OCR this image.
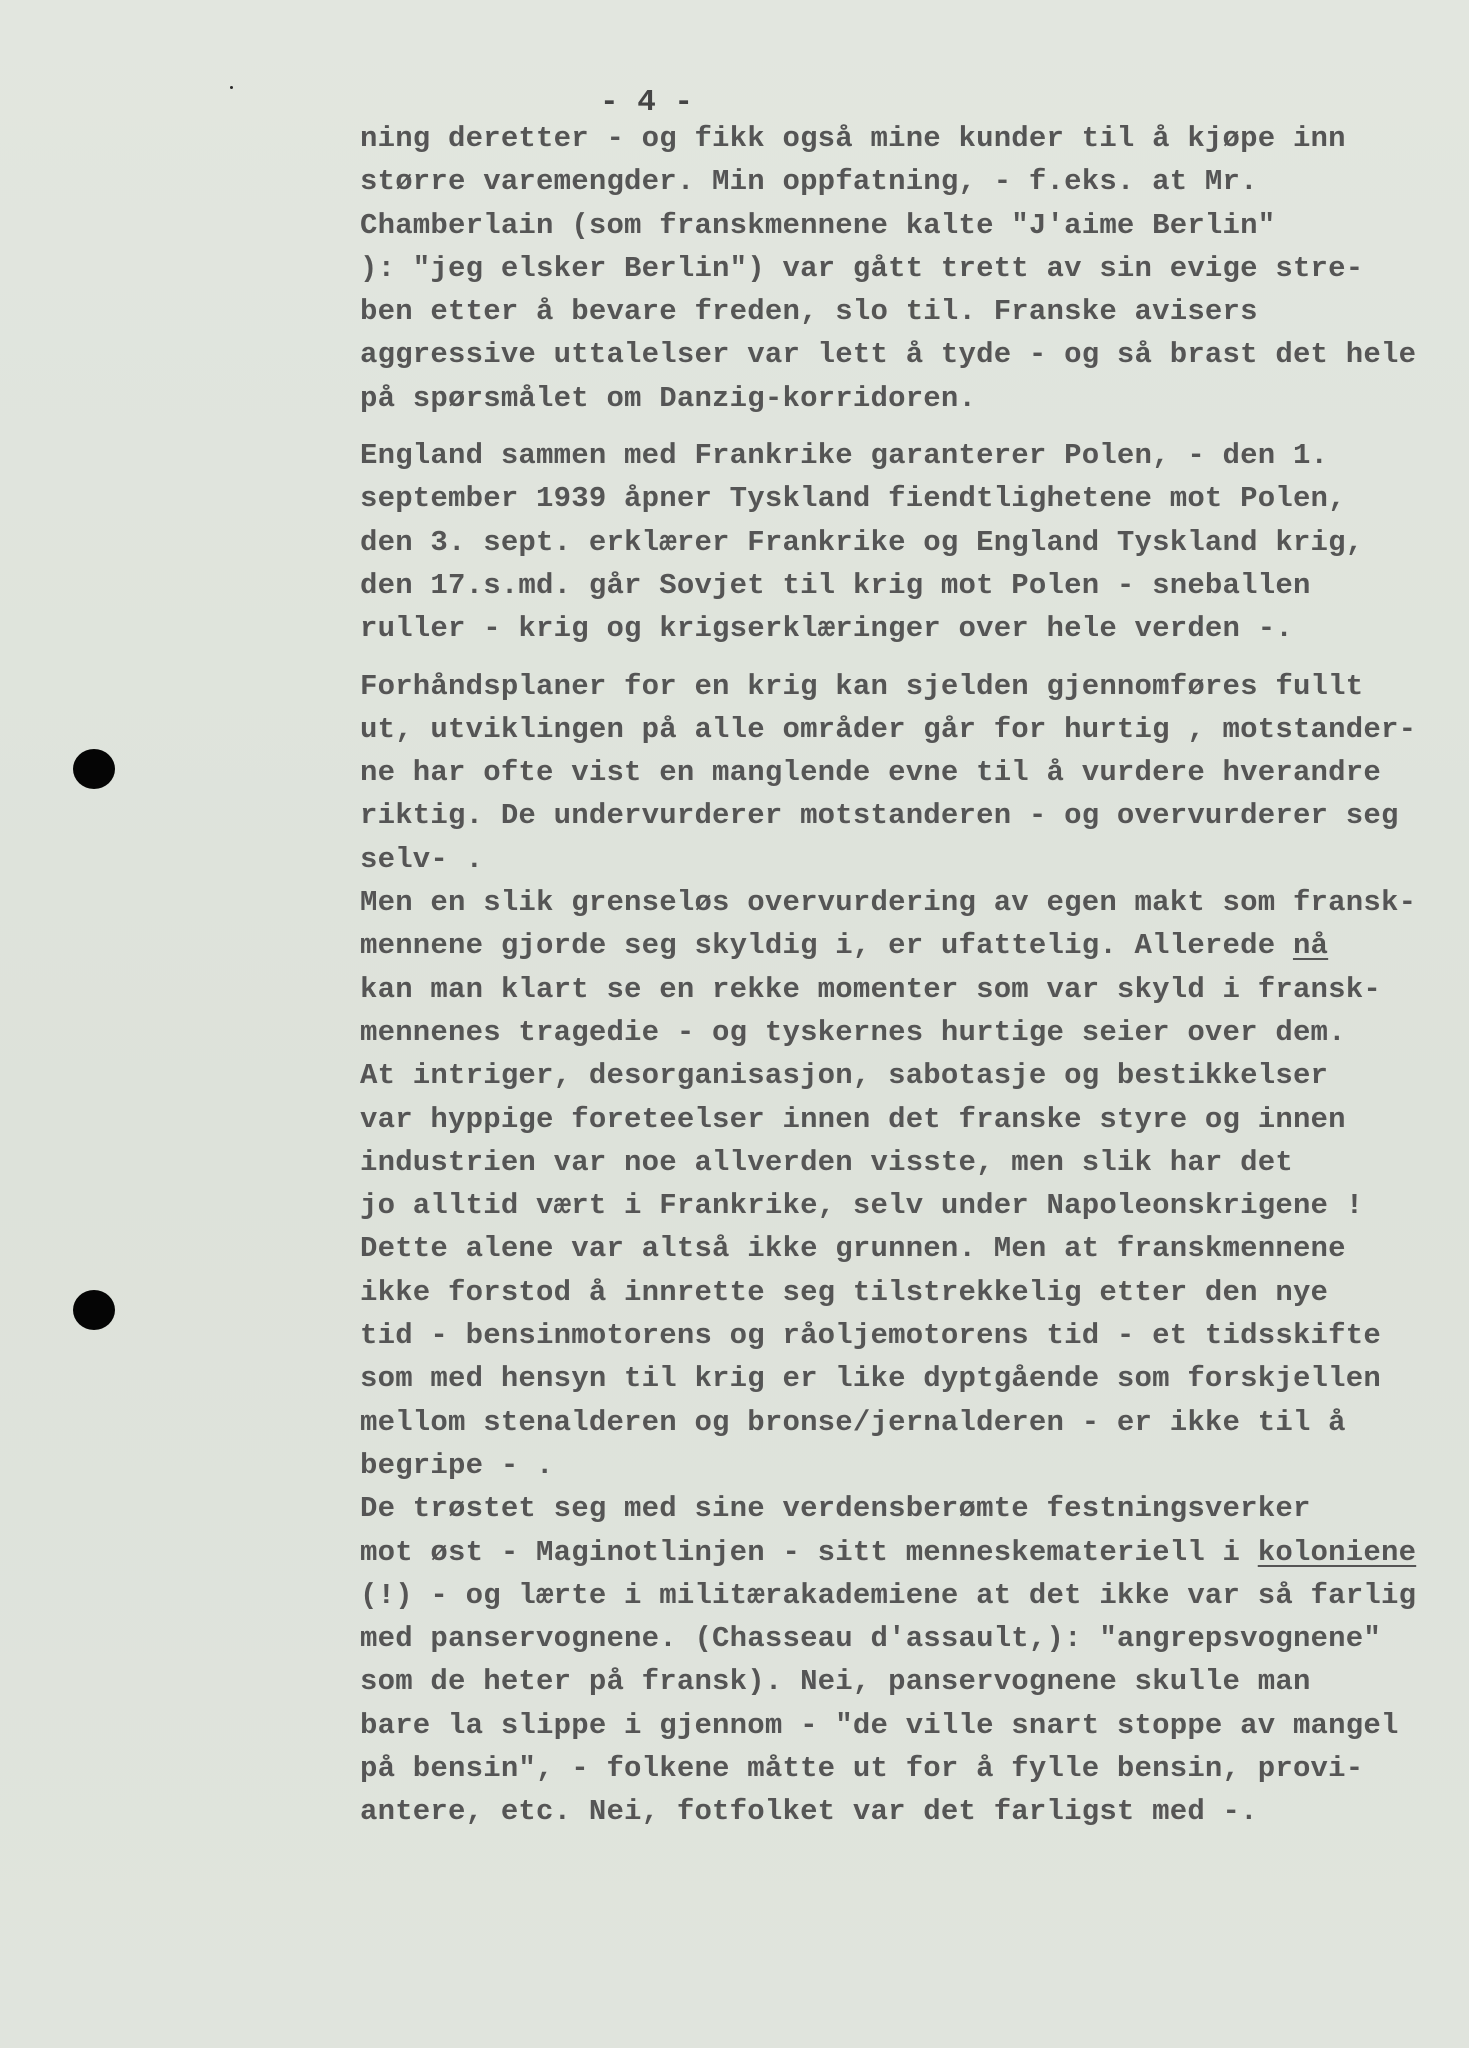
- 4 -

ning deretter - og fikk også mine kunder til å kjøpe inn
større varemengder. Min oppfatning, - f.eks. at Mr.
Chamberlain (som franskmennene kalte "J'aime Berlin"
): "jeg elsker Berlin") var gått trett av sin evige stre-
ben etter å bevare freden, slo til. Franske avisers
aggressive uttalelser var lett å tyde - og så brast det hele
på spørsmålet om Danzig-korridoren.
England sammen med Frankrike garanterer Polen, - den 1.
september 1939 åpner Tyskland fiendtlighetene mot Polen,
den 3. sept. erklærer Frankrike og England Tyskland krig,
den 17.s.md. går Sovjet til krig mot Polen - sneballen
ruller - krig og krigserklæringer over hele verden -.
Forhåndsplaner for en krig kan sjelden gjennomføres fullt
ut, utviklingen på alle områder går for hurtig , motstander-
ne har ofte vist en manglende evne til å vurdere hverandre
riktig. De undervurderer motstanderen - og overvurderer seg
selv- .
Men en slik grenseløs overvurdering av egen makt som fransk-
mennene gjorde seg skyldig i, er ufattelig. Allerede nå
kan man klart se en rekke momenter som var skyld i fransk-
mennenes tragedie - og tyskernes hurtige seier over dem.
At intriger, desorganisasjon, sabotasje og bestikkelser
var hyppige foreteelser innen det franske styre og innen
industrien var noe allverden visste, men slik har det
jo alltid vært i Frankrike, selv under Napoleonskrigene !
Dette alene var altså ikke grunnen. Men at franskmennene
ikke forstod å innrette seg tilstrekkelig etter den nye
tid - bensinmotorens og råoljemotorens tid - et tidsskifte
som med hensyn til krig er like dyptgående som forskjellen
mellom stenalderen og bronse/jernalderen - er ikke til å
begripe - .
De trøstet seg med sine verdensberømte festningsverker
mot øst - Maginotlinjen - sitt menneskemateriell i koloniene
(!) - og lærte i militærakademiene at det ikke var så farlig
med panservognene. (Chasseau d'assault,): "angrepsvognene"
som de heter på fransk). Nei, panservognene skulle man
bare la slippe i gjennom - "de ville snart stoppe av mangel
på bensin", - folkene måtte ut for å fylle bensin, provi-
antere, etc. Nei, fotfolket var det farligst med -.
